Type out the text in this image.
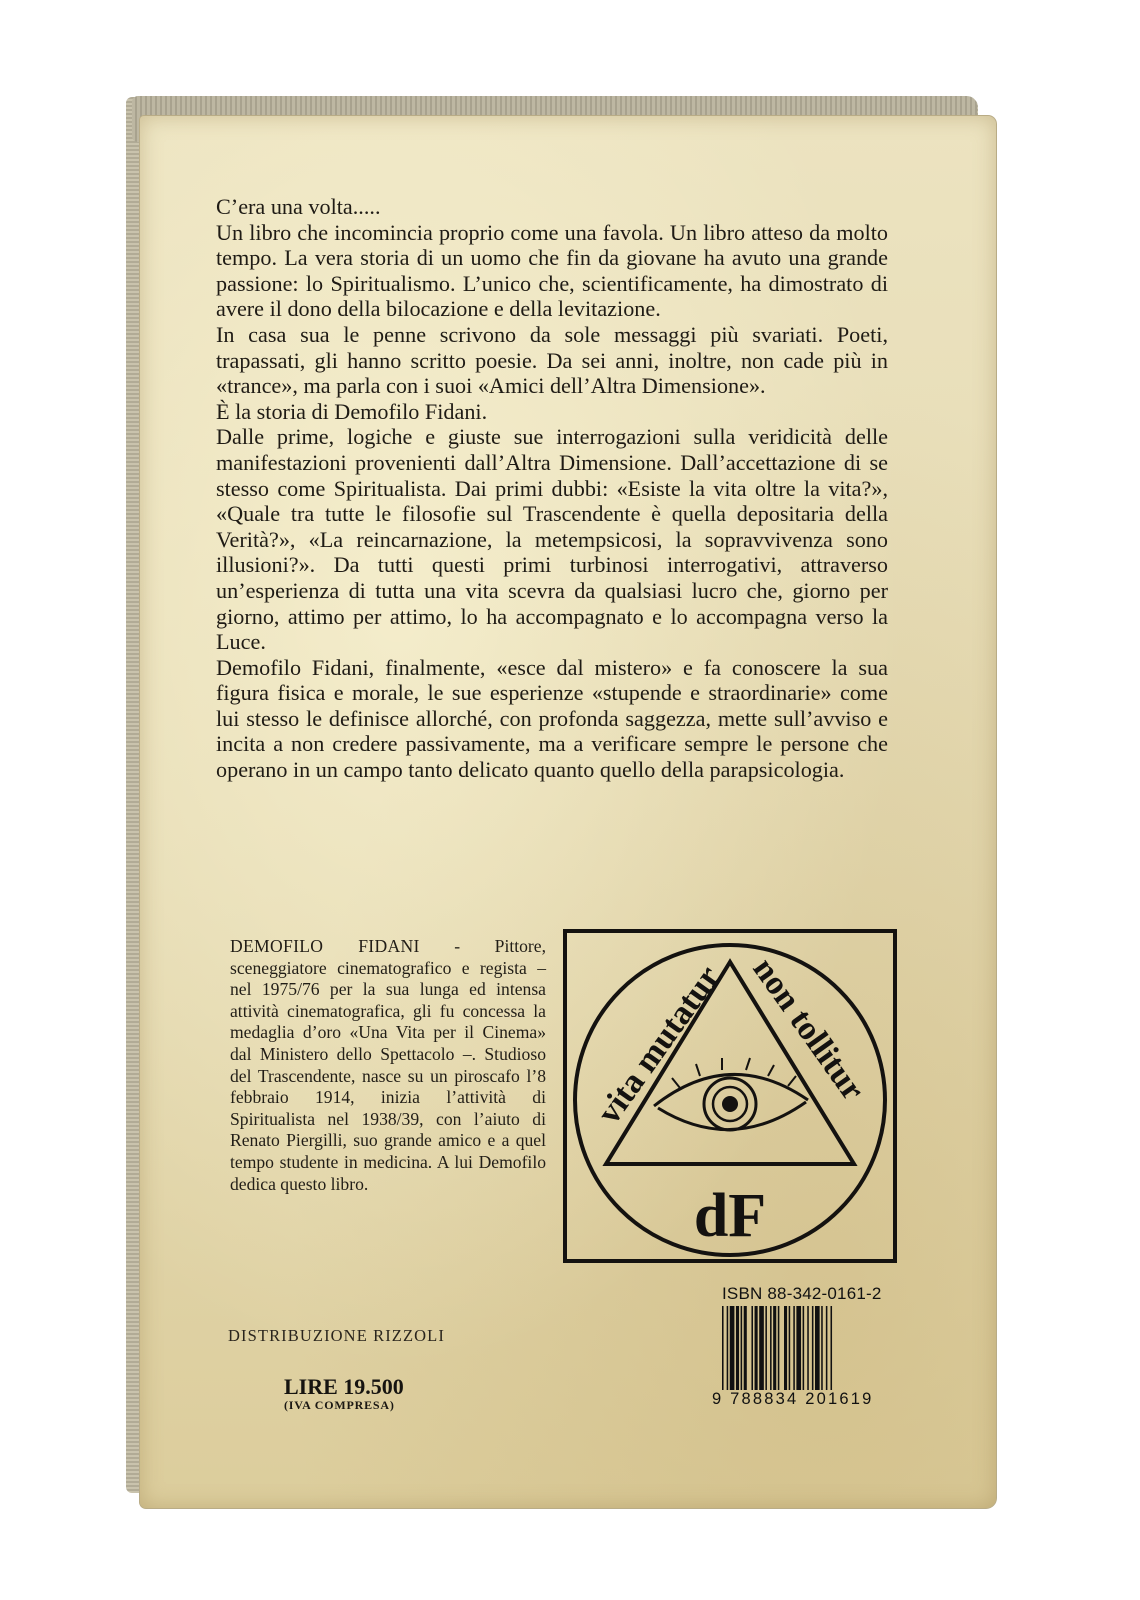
C’era una volta.....

Un libro che incomincia proprio come una favola. Un libro atteso da molto tempo. La vera storia di un uomo che fin da giovane ha avuto una grande passione: lo Spiritualismo. L’unico che, scientificamente, ha dimostrato di avere il dono della bilocazione e della levitazione.

In casa sua le penne scrivono da sole messaggi più svariati. Poeti, trapassati, gli hanno scritto poesie. Da sei anni, inoltre, non cade più in «trance», ma parla con i suoi «Amici dell’Altra Dimensione».

È la storia di Demofilo Fidani.

Dalle prime, logiche e giuste sue interrogazioni sulla veridicità delle manifestazioni provenienti dall’Altra Dimensione. Dall’accettazione di se stesso come Spiritualista. Dai primi dubbi: «Esiste la vita oltre la vita?», «Quale tra tutte le filosofie sul Trascendente è quella depositaria della Verità?», «La reincarnazione, la metempsicosi, la sopravvivenza sono illusioni?». Da tutti questi primi turbinosi interrogativi, attraverso un’esperienza di tutta una vita scevra da qualsiasi lucro che, giorno per giorno, attimo per attimo, lo ha accompagnato e lo accompagna verso la Luce.

Demofilo Fidani, finalmente, «esce dal mistero» e fa conoscere la sua figura fisica e morale, le sue esperienze «stupende e straordinarie» come lui stesso le definisce allorché, con profonda saggezza, mette sull’avviso e incita a non credere passivamente, ma a verificare sempre le persone che operano in un campo tanto delicato quanto quello della parapsicologia.

DEMOFILO FIDANI - Pittore, sceneggiatore cinematografico e regista – nel 1975/76 per la sua lunga ed intensa attività cinematografica, gli fu concessa la medaglia d’oro «Una Vita per il Cinema» dal Ministero dello Spettacolo –. Studioso del Trascendente, nasce su un piroscafo l’8 febbraio 1914, inizia l’attività di Spiritualista nel 1938/39, con l’aiuto di Renato Piergilli, suo grande amico e a quel tempo studente in medicina. A lui Demofilo dedica questo libro.
vita mutatur non tollitur
dF
ISBN 88-342-0161-2
9 788834 201619
DISTRIBUZIONE RIZZOLI
LIRE 19.500
(IVA COMPRESA)
